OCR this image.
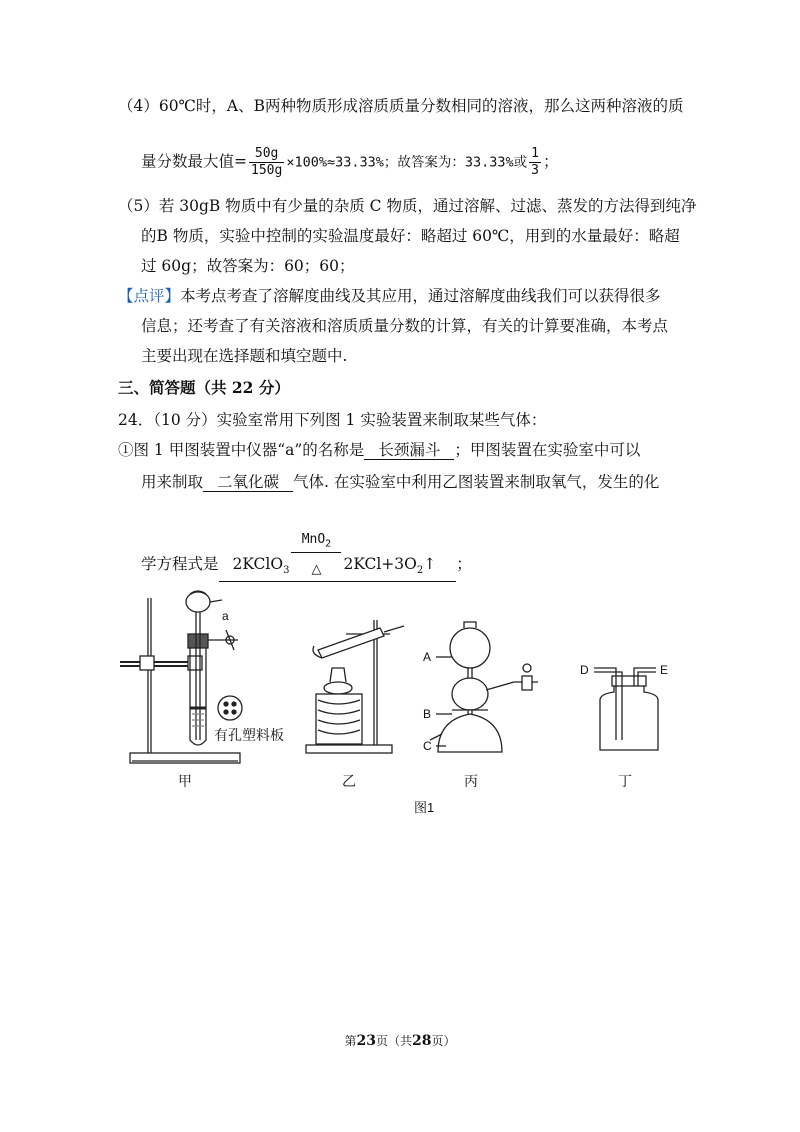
（4）60℃时，A、B两种物质形成溶质质量分数相同的溶液，那么这两种溶液的质
量分数最大值= $\frac{50g}{150g} \times 100\%\approx 33.33\%$；故答案为：33.33%或 $\frac{1}{3}$ ；
（5）若 30gB 物质中有少量的杂质 C 物质，通过溶解、过滤、蒸发的方法得到纯净
的B 物质，实验中控制的实验温度最好：略超过 60℃，用到的水量最好：略超
过 60g；故答案为：60；60；
【点评】本考点考查了溶解度曲线及其应用，通过溶解度曲线我们可以获得很多
信息；还考查了有关溶液和溶质质量分数的计算，有关的计算要准确，本考点
主要出现在选择题和填空题中.
三、简答题（共 22 分）
24．（10 分）实验室常用下列图 1 实验装置来制取某些气体：
①图 1 甲图装置中仪器“a”的名称是 长颈漏斗 ；甲图装置在实验室中可以
用来制取 二氧化碳 气体. 在实验室中利用乙图装置来制取氧气，发生的化
学方程式是 2KClO$_3$
MnO$_2$
$_\triangle$ $2KCl+3O_2↑$ ；
a
有孔塑料板
A
B
C
D	E
甲	乙	丙	丁
图1
第23页（共28页）
